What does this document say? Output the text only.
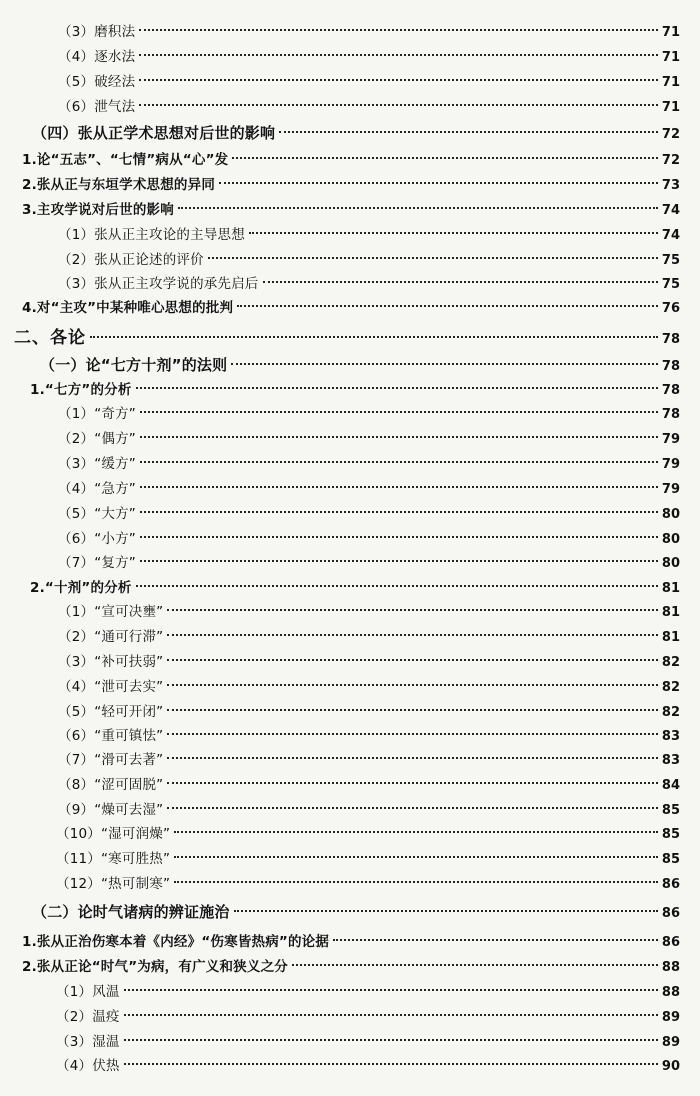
（3）磨积法	71
（4）逐水法	71
（5）破经法	71
（6）泄气法	71
（四）张从正学术思想对后世的影响	72
1.论“五志”、“七情”病从“心”发	72
2.张从正与东垣学术思想的异同	73
3.主攻学说对后世的影响	74
（1）张从正主攻论的主导思想	74
（2）张从正论述的评价	75
（3）张从正主攻学说的承先启后	75
4.对“主攻”中某种唯心思想的批判	76
二、各论	78
（一）论“七方十剂”的法则	78
1.“七方”的分析	78
（1）“奇方”	78
（2）“偶方”	79
（3）“缓方”	79
（4）“急方”	79
（5）“大方”	80
（6）“小方”	80
（7）“复方”	80
2.“十剂”的分析	81
（1）“宣可决壅”	81
（2）“通可行滞”	81
（3）“补可扶弱”	82
（4）“泄可去实”	82
（5）“轻可开闭”	82
（6）“重可镇怯”	83
（7）“滑可去著”	83
（8）“涩可固脱”	84
（9）“燥可去湿”	85
（10）“湿可润燥”	85
（11）“寒可胜热”	85
（12）“热可制寒”	86
（二）论时气诸病的辨证施治	86
1.张从正治伤寒本着《内经》“伤寒皆热病”的论据	86
2.张从正论“时气”为病，有广义和狭义之分	88
（1）风温	88
（2）温疫	89
（3）湿温	89
（4）伏热	90
